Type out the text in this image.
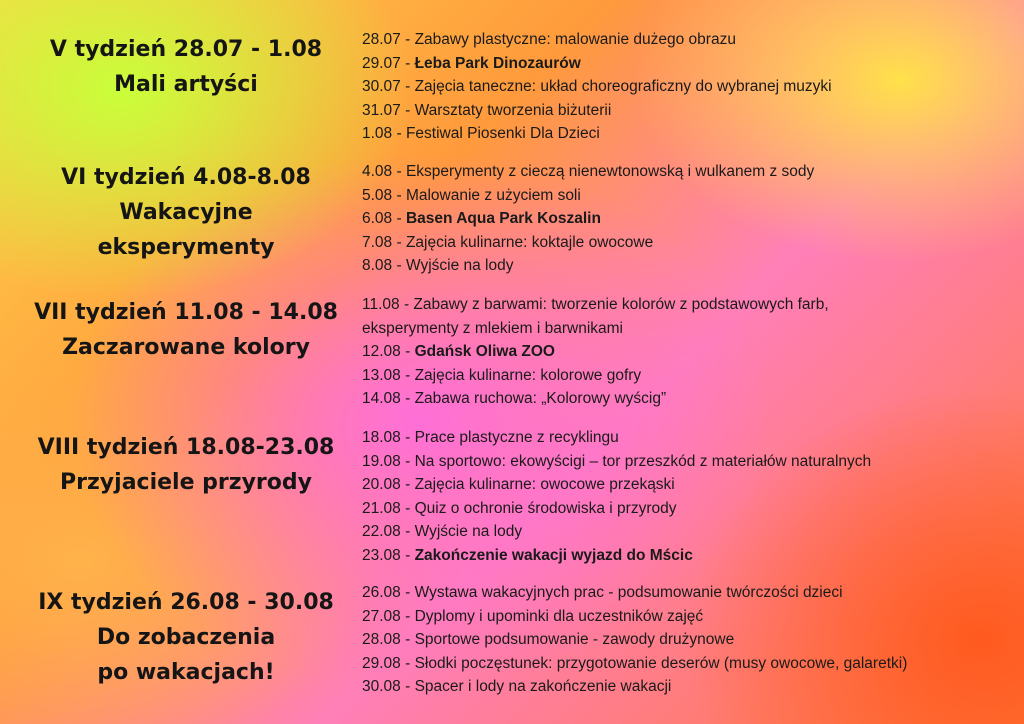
V tydzień 28.07 - 1.08
Mali artyści
28.07 - Zabawy plastyczne: malowanie dużego obrazu
29.07 - Łeba Park Dinozaurów
30.07 - Zajęcia taneczne: układ choreograficzny do wybranej muzyki
31.07 - Warsztaty tworzenia biżuterii
1.08 - Festiwal Piosenki Dla Dzieci
VI tydzień 4.08-8.08
Wakacyjne
eksperymenty
4.08 - Eksperymenty z cieczą nienewtonowską i wulkanem z sody
5.08 - Malowanie z użyciem soli
6.08 - Basen Aqua Park Koszalin
7.08 - Zajęcia kulinarne: koktajle owocowe
8.08 - Wyjście na lody
VII tydzień 11.08 - 14.08
Zaczarowane kolory
11.08 - Zabawy z barwami: tworzenie kolorów z podstawowych farb, eksperymenty z mlekiem i barwnikami
12.08 - Gdańsk Oliwa ZOO
13.08 - Zajęcia kulinarne: kolorowe gofry
14.08 - Zabawa ruchowa: „Kolorowy wyścig”
VIII tydzień 18.08-23.08
Przyjaciele przyrody
18.08 - Prace plastyczne z recyklingu
19.08 - Na sportowo: ekowyścigi – tor przeszkód z materiałów naturalnych
20.08 - Zajęcia kulinarne: owocowe przekąski
21.08 - Quiz o ochronie środowiska i przyrody
22.08 - Wyjście na lody
23.08 - Zakończenie wakacji wyjazd do Mścic
IX tydzień 26.08 - 30.08
Do zobaczenia
po wakacjach!
26.08 - Wystawa wakacyjnych prac - podsumowanie twórczości dzieci
27.08 - Dyplomy i upominki dla uczestników zajęć
28.08 - Sportowe podsumowanie - zawody drużynowe
29.08 - Słodki poczęstunek: przygotowanie deserów (musy owocowe, galaretki)
30.08 - Spacer i lody na zakończenie wakacji
